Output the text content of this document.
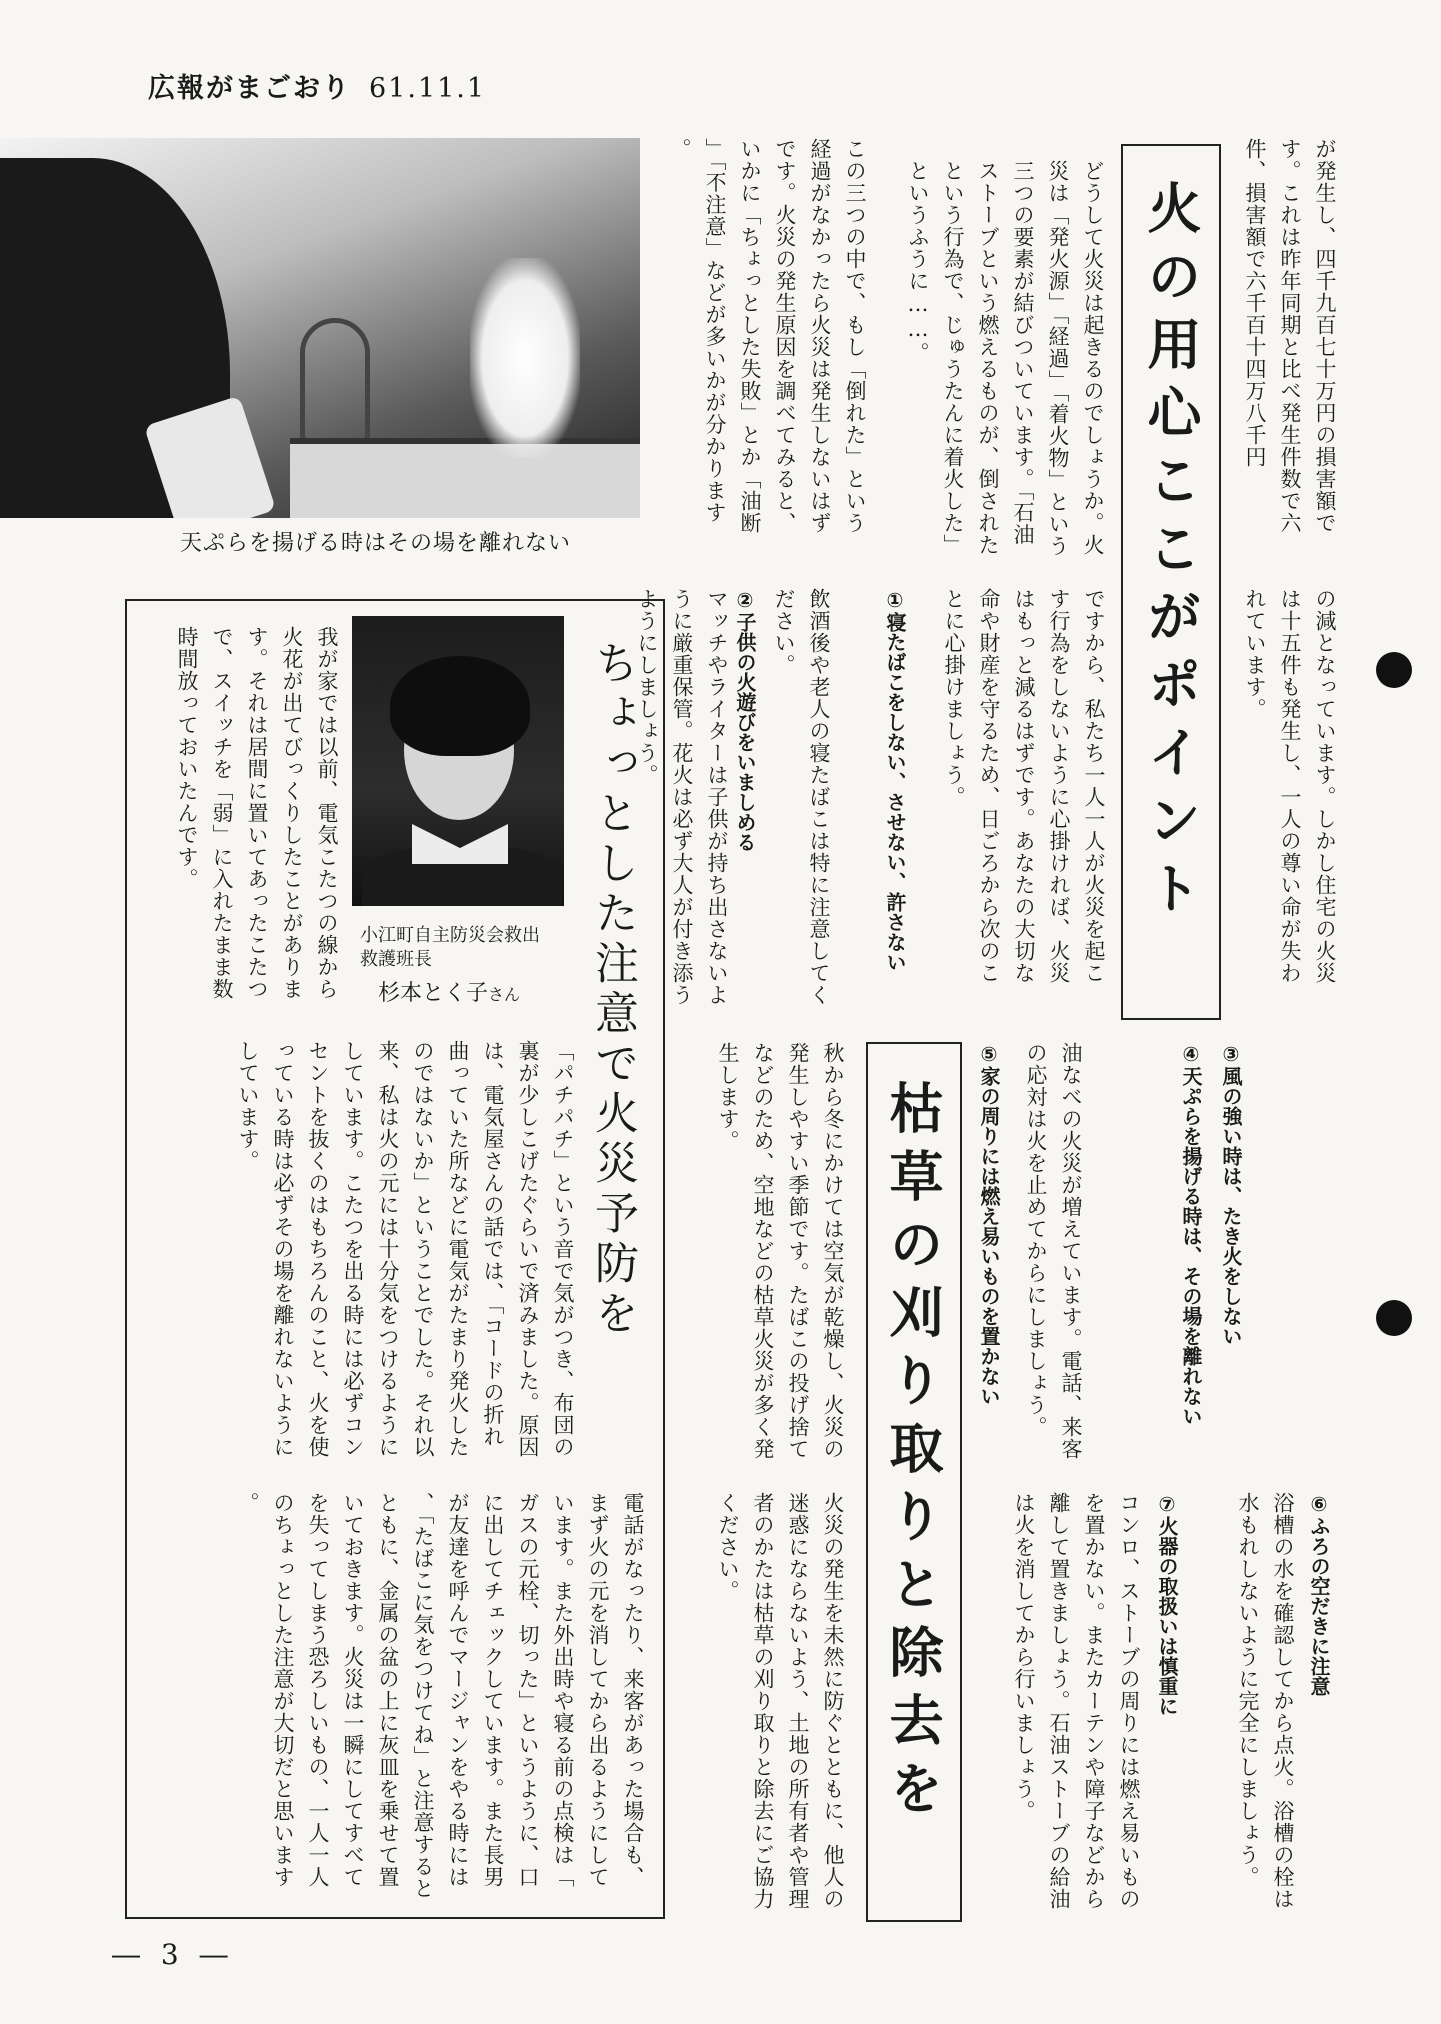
広報がまごおり 61.11.1
天ぷらを揚げる時はその場を離れない	火の用心ここがポイント	が発生し、四千九百七十万円の損害額です。これは昨年同期と比べ発生件数で六件、損害額で六千百十四万八千円
の減となっています。しかし住宅の火災は十五件も発生し、一人の尊い命が失われています。
どうして火災は起きるのでしょうか。火災は「発火源」「経過」「着火物」という三つの要素が結びついています。「石油ストーブという燃えるものが、倒されたという行為で、じゅうたんに着火した」というふうに……。
この三つの中で、もし「倒れた」という経過がなかったら火災は発生しないはずです。火災の発生原因を調べてみると、いかに「ちょっとした失敗」とか「油断」「不注意」などが多いかが分かります。
ですから、私たち一人一人が火災を起こす行為をしないように心掛ければ、火災はもっと減るはずです。あなたの大切な命や財産を守るため、日ごろから次のことに心掛けましょう。
①寝たばこをしない、させない、許さない
飲酒後や老人の寝たばこは特に注意してください。
②子供の火遊びをいましめる
マッチやライターは子供が持ち出さないように厳重保管。花火は必ず大人が付き添うようにしましょう。
③風の強い時は、たき火をしない
④天ぷらを揚げる時は、その場を離れない
油なべの火災が増えています。電話、来客の応対は火を止めてからにしましょう。
⑤家の周りには燃え易いものを置かない
⑥ふろの空だきに注意
浴槽の水を確認してから点火。浴槽の栓は水もれしないように完全にしましょう。
⑦火器の取扱いは慎重に
コンロ、ストーブの周りには燃え易いものを置かない。またカーテンや障子などから離して置きましょう。石油ストーブの給油は火を消してから行いましょう。
枯草の刈り取りと除去を
秋から冬にかけては空気が乾燥し、火災の発生しやすい季節です。たばこの投げ捨てなどのため、空地などの枯草火災が多く発生します。
火災の発生を未然に防ぐとともに、他人の迷惑にならないよう、土地の所有者や管理者のかたは枯草の刈り取りと除去にご協力ください。
ちょっとした注意で火災予防を
小江町自主防災会救出救護班長
杉本とく子さん
我が家では以前、電気こたつの線から火花が出てびっくりしたことがあります。それは居間に置いてあったこたつで、スイッチを「弱」に入れたまま数時間放っておいたんです。
「パチパチ」という音で気がつき、布団の裏が少しこげたぐらいで済みました。原因は、電気屋さんの話では、「コードの折れ曲っていた所などに電気がたまり発火したのではないか」ということでした。それ以来、私は火の元には十分気をつけるようにしています。こたつを出る時には必ずコンセントを抜くのはもちろんのこと、火を使っている時は必ずその場を離れないようにしています。
電話がなったり、来客があった場合も、まず火の元を消してから出るようにしています。また外出時や寝る前の点検は「ガスの元栓、切った」というように、口に出してチェックしています。また長男が友達を呼んでマージャンをやる時には、「たばこに気をつけてね」と注意するとともに、金属の盆の上に灰皿を乗せて置いておきます。火災は一瞬にしてすべてを失ってしまう恐ろしいもの、一人一人のちょっとした注意が大切だと思います。
― 3 ―
